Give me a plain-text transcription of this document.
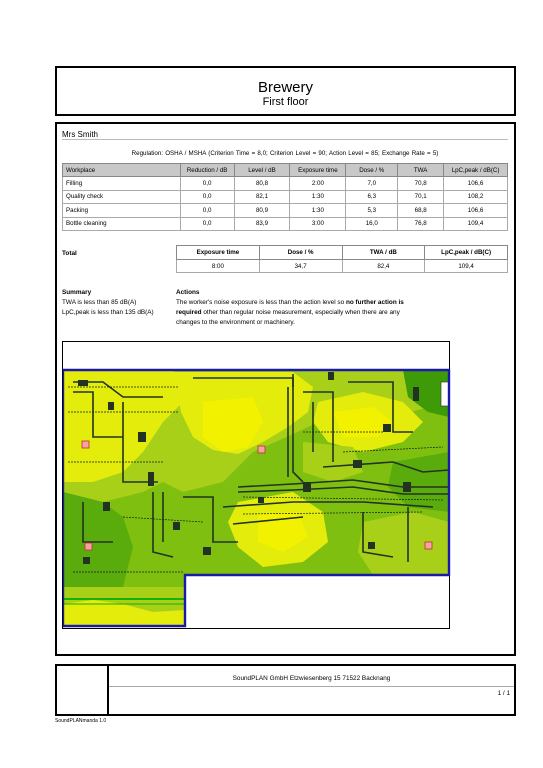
Brewery
First floor
Mrs Smith
Regulation: OSHA / MSHA (Criterion Time = 8,0; Criterion Level = 90; Action Level = 85; Exchange Rate = 5)
Workplace	Reduction / dB	Level / dB	Exposure time	Dose / %	TWA	LpC,peak / dB(C)
Filling	0,0	80,8	2:00	7,0	70,8	106,6
Quality check	0,0	82,1	1:30	6,3	70,1	108,2
Packing	0,0	80,9	1:30	5,3	68,8	106,6
Bottle cleaning	0,0	83,9	3:00	16,0	76,8	109,4
Total	Exposure time	Dose / %	TWA / dB	LpC,peak / dB(C)
8:00	34,7	82,4	109,4
Summary
TWA is less than 85 dB(A)
LpC,peak is less than 135 dB(A)
Actions
The worker's noise exposure is less than the action level so no further action is required other than regular noise measurement, especially when there are any changes to the environment or machinery.
SoundPLAN GmbH Etzwiesenberg 15 71522 Backnang
1 / 1
SoundPLANmanda 1.0
